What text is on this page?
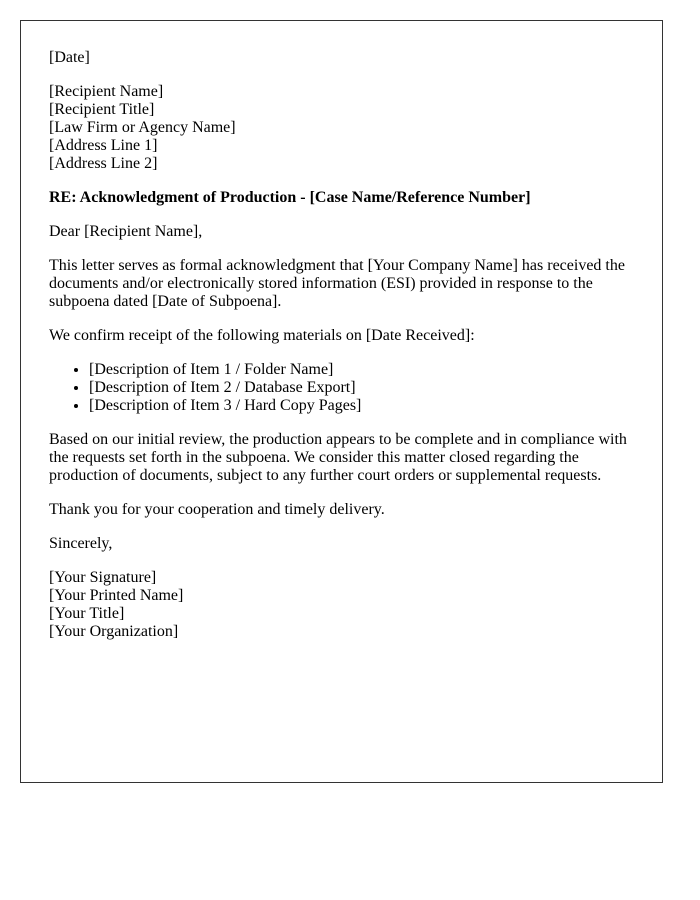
[Date]

[Recipient Name]
[Recipient Title]
[Law Firm or Agency Name]
[Address Line 1]
[Address Line 2]

RE: Acknowledgment of Production - [Case Name/Reference Number]

Dear [Recipient Name],

This letter serves as formal acknowledgment that [Your Company Name] has received the documents and/or electronically stored information (ESI) provided in response to the subpoena dated [Date of Subpoena].

We confirm receipt of the following materials on [Date Received]:

• [Description of Item 1 / Folder Name]
• [Description of Item 2 / Database Export]
• [Description of Item 3 / Hard Copy Pages]

Based on our initial review, the production appears to be complete and in compliance with the requests set forth in the subpoena. We consider this matter closed regarding the production of documents, subject to any further court orders or supplemental requests.

Thank you for your cooperation and timely delivery.

Sincerely,

[Your Signature]
[Your Printed Name]
[Your Title]
[Your Organization]
